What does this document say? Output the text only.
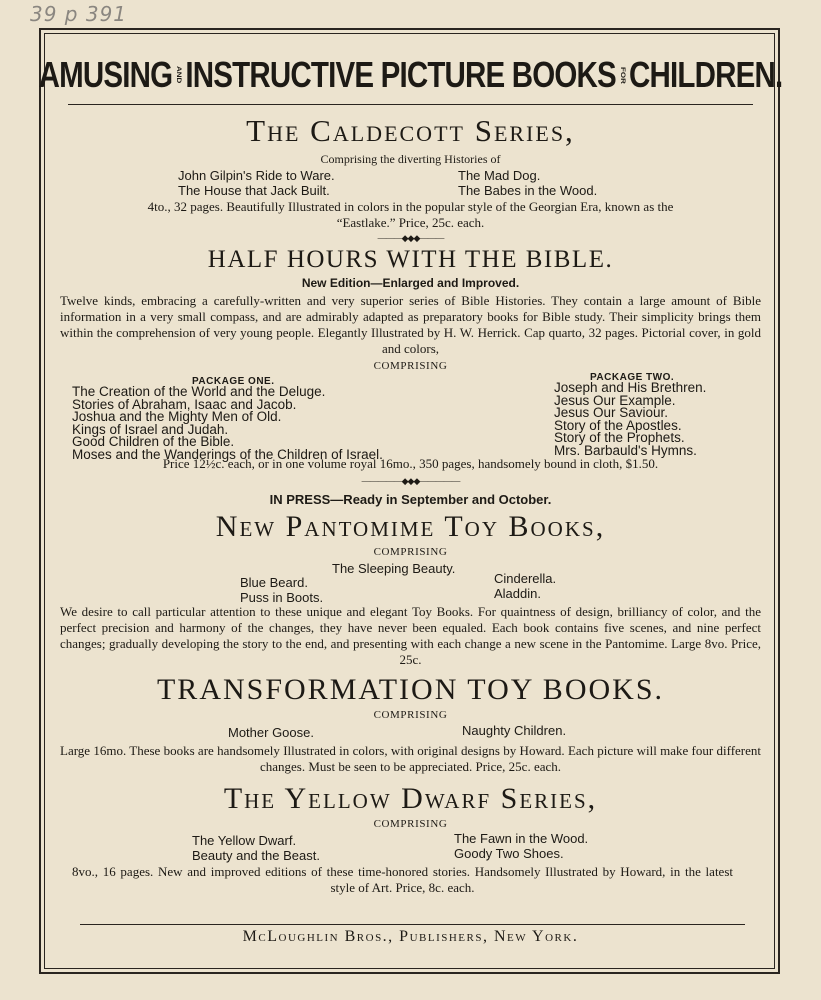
39 p 391
AMUSING AND INSTRUCTIVE PICTURE BOOKS FOR CHILDREN.
The Caldecott Series,
Comprising the diverting Histories of
John Gilpin's Ride to Ware.	The Mad Dog.
The House that Jack Built.	The Babes in the Wood.
4to., 32 pages. Beautifully Illustrated in colors in the popular style of the Georgian Era, known as the
“Eastlake.” Price, 25c. each.
———◆◆◆———
HALF HOURS WITH THE BIBLE.
New Edition—Enlarged and Improved.
Twelve kinds, embracing a carefully-written and very superior series of Bible Histories. They contain a large amount of Bible information in a very small compass, and are admirably adapted as preparatory books for Bible study. Their simplicity brings them within the comprehension of very young people. Elegantly Illustrated by H. W. Herrick. Cap quarto, 32 pages. Pictorial cover, in gold and colors,
COMPRISING
PACKAGE ONE.
The Creation of the World and the Deluge.
Stories of Abraham, Isaac and Jacob.
Joshua and the Mighty Men of Old.
Kings of Israel and Judah.
Good Children of the Bible.
Moses and the Wanderings of the Children of Israel.
PACKAGE TWO.
Joseph and His Brethren.
Jesus Our Example.
Jesus Our Saviour.
Story of the Apostles.
Story of the Prophets.
Mrs. Barbauld's Hymns.
Price 12½c. each, or in one volume royal 16mo., 350 pages, handsomely bound in cloth, $1.50.
—————◆◆◆—————
IN PRESS—Ready in September and October.
New Pantomime Toy Books,
COMPRISING
The Sleeping Beauty.
Blue Beard.	Cinderella.
Puss in Boots.	Aladdin.
We desire to call particular attention to these unique and elegant Toy Books. For quaintness of design, brilliancy of color, and the perfect precision and harmony of the changes, they have never been equaled. Each book contains five scenes, and nine perfect changes; gradually developing the story to the end, and presenting with each change a new scene in the Pantomime. Large 8vo. Price, 25c.
TRANSFORMATION TOY BOOKS.
COMPRISING
Mother Goose.	Naughty Children.
Large 16mo. These books are handsomely Illustrated in colors, with original designs by Howard. Each picture will make four different changes. Must be seen to be appreciated. Price, 25c. each.
The Yellow Dwarf Series,
COMPRISING
The Yellow Dwarf.	The Fawn in the Wood.
Beauty and the Beast.	Goody Two Shoes.
8vo., 16 pages. New and improved editions of these time-honored stories. Handsomely Illustrated by Howard, in the latest style of Art. Price, 8c. each.
McLoughlin Bros., Publishers, New York.
